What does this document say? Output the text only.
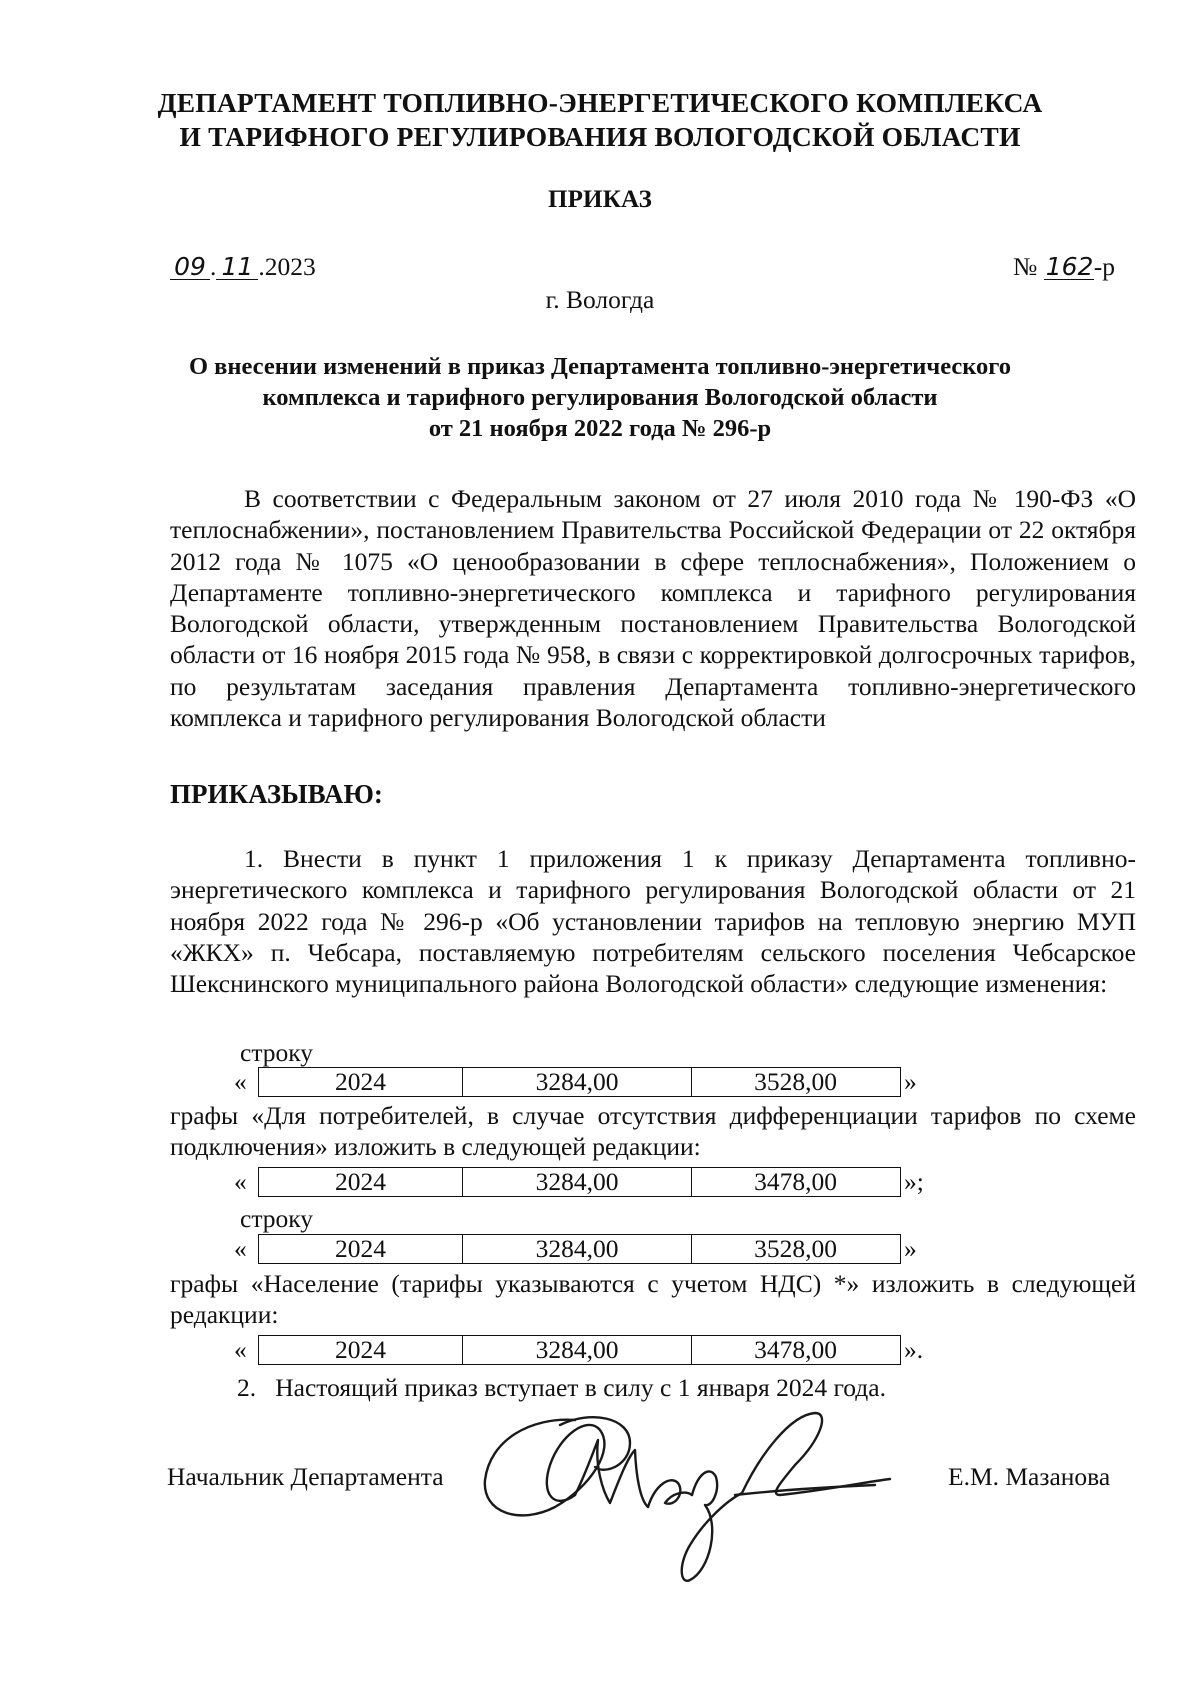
ДЕПАРТАМЕНТ ТОПЛИВНО-ЭНЕРГЕТИЧЕСКОГО КОМПЛЕКСА
И ТАРИФНОГО РЕГУЛИРОВАНИЯ ВОЛОГОДСКОЙ ОБЛАСТИ
ПРИКАЗ
09 . 11 .2023	№ 162-р
г. Вологда
О внесении изменений в приказ Департамента топливно-энергетического
комплекса и тарифного регулирования Вологодской области
от 21 ноября 2022 года № 296-р
В соответствии с Федеральным законом от 27 июля 2010 года № 190-ФЗ «О теплоснабжении», постановлением Правительства Российской Федерации от 22 октября 2012 года № 1075 «О ценообразовании в сфере теплоснабжения», Положением о Департаменте топливно-энергетического комплекса и тарифного регулирования Вологодской области, утвержденным постановлением Правительства Вологодской области от 16 ноября 2015 года № 958, в связи с корректировкой долгосрочных тарифов, по результатам заседания правления Департамента топливно-энергетического комплекса и тарифного регулирования Вологодской области
ПРИКАЗЫВАЮ:
1. Внести в пункт 1 приложения 1 к приказу Департамента топливно-энергетического комплекса и тарифного регулирования Вологодской области от 21 ноября 2022 года № 296-р «Об установлении тарифов на тепловую энергию МУП «ЖКХ» п. Чебсара, поставляемую потребителям сельского поселения Чебсарское Шекснинского муниципального района Вологодской области» следующие изменения:
строку
«	2024	3284,00	3528,00	»
графы «Для потребителей, в случае отсутствия дифференциации тарифов по схеме подключения» изложить в следующей редакции:
«	2024	3284,00	3478,00	»;
строку
«	2024	3284,00	3528,00	»
графы «Население (тарифы указываются с учетом НДС) *» изложить в следующей редакции:
«	2024	3284,00	3478,00	».
2.   Настоящий приказ вступает в силу с 1 января 2024 года.
Начальник Департамента	Е.М. Мазанова
